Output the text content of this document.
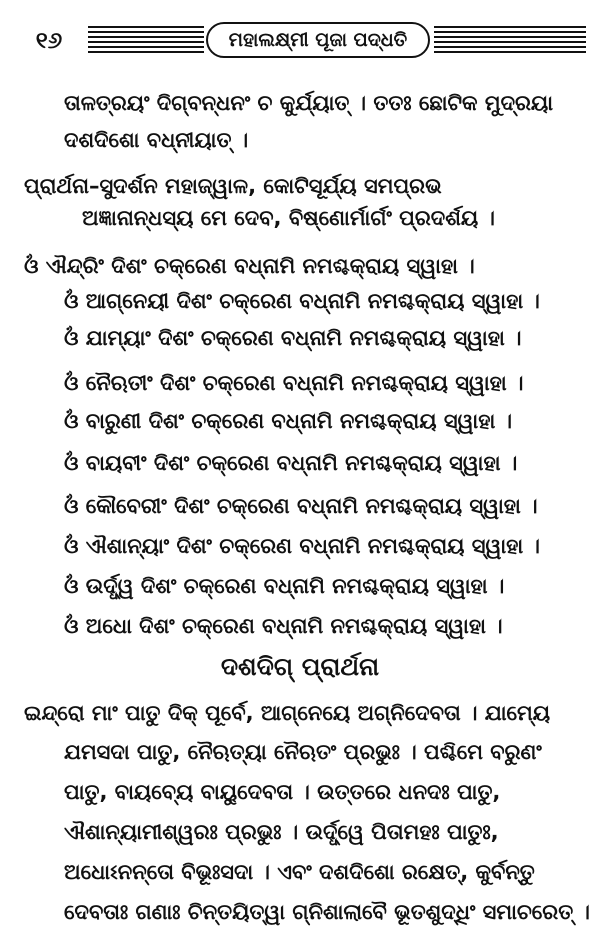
୧୬	ମହାଲକ୍ଷ୍ମୀ ପୂଜା ପଦ୍ଧତି
ତାଳତ୍ରୟଂ ଦିଗ୍‌ବନ୍ଧନଂ ଚ କୁର୍ଯ୍ୟାତ୍ । ତତଃ ଛୋଟିକ ମୁଦ୍ରୟା
ଦଶଦିଶୋ ବଧ୍ନୀୟାତ୍ ।
ପ୍ରାର୍ଥନା–ସୁଦର୍ଶନ ମହାଜ୍ୱାଳ, କୋଟିସୂର୍ଯ୍ୟ ସମପ୍ରଭ
ଅଜ୍ଞାନାନ୍ଧସ୍ୟ ମେ ଦେବ, ବିଷ୍ଣୋର୍ମାର୍ଗଂ ପ୍ରଦର୍ଶୟ ।
ଓଁ ଐନ୍ଦ୍ରିଂ ଦିଶଂ ଚକ୍ରେଣ ବଧ୍ନାମି ନମଶ୍ଚକ୍ରାୟ ସ୍ୱାହା ।
ଓଁ ଆଗ୍ନେୟୀ ଦିଶଂ ଚକ୍ରେଣ ବଧ୍ନାମି ନମଶ୍ଚକ୍ରାୟ ସ୍ୱାହା ।
ଓଁ ଯାମ୍ୟାଂ ଦିଶଂ ଚକ୍ରେଣ ବଧ୍ନାମି ନମଶ୍ଚକ୍ରାୟ ସ୍ୱାହା ।
ଓଁ ନୈଋତୀଂ ଦିଶଂ ଚକ୍ରେଣ ବଧ୍ନାମି ନମଶ୍ଚକ୍ରାୟ ସ୍ୱାହା ।
ଓଁ ବାରୁଣୀ ଦିଶଂ ଚକ୍ରେଣ ବଧ୍ନାମି ନମଶ୍ଚକ୍ରାୟ ସ୍ୱାହା ।
ଓଁ ବାୟବୀଂ ଦିଶଂ ଚକ୍ରେଣ ବଧ୍ନାମି ନମଶ୍ଚକ୍ରାୟ ସ୍ୱାହା ।
ଓଁ କୌବେରୀଂ ଦିଶଂ ଚକ୍ରେଣ ବଧ୍ନାମି ନମଶ୍ଚକ୍ରାୟ ସ୍ୱାହା ।
ଓଁ ଐଶାନ୍ୟାଂ ଦିଶଂ ଚକ୍ରେଣ ବଧ୍ନାମି ନମଶ୍ଚକ୍ରାୟ ସ୍ୱାହା ।
ଓଁ ଉର୍ଦ୍ଧ୍ୱ ଦିଶଂ ଚକ୍ରେଣ ବଧ୍ନାମି ନମଶ୍ଚକ୍ରାୟ ସ୍ୱାହା ।
ଓଁ ଅଧୋ ଦିଶଂ ଚକ୍ରେଣ ବଧ୍ନାମି ନମଶ୍ଚକ୍ରାୟ ସ୍ୱାହା ।
ଦଶଦିଗ୍ ପ୍ରାର୍ଥନା
ଇନ୍ଦ୍ରୋ ମାଂ ପାତୁ ଦିକ୍ ପୂର୍ବେ, ଆଗ୍ନେୟେ ଅଗ୍ନିଦେବତା । ଯାମ୍ୟେ
ଯମସଦା ପାତୁ, ନୈଋତ୍ୟା ନୈଋତଂ ପ୍ରଭୁଃ । ପଶ୍ଚିମେ ବରୁଣଂ
ପାତୁ, ବାୟବ୍ୟେ ବାୟୁଦେବତା । ଉତ୍ତରେ ଧନଦଃ ପାତୁ,
ଐଶାନ୍ୟାମୀଶ୍ୱରଃ ପ୍ରଭୁଃ । ଉର୍ଦ୍ଧ୍ୱେ ପିତାମହଃ ପାତୁଃ,
ଅଧୋଽନନ୍ତୋ ବିଭୂଃସଦା । ଏବଂ ଦଶଦିଶୋ ରକ୍ଷେତ୍, କୁର୍ବନ୍ତୁ
ଦେବତାଃ ଗଣାଃ ଚିନ୍ତୟିତ୍ୱା ଗ୍ନିଶାଲାବୈ ଭୂତଶୁଦ୍ଧିଂ ସମାଚରେତ୍ ।
